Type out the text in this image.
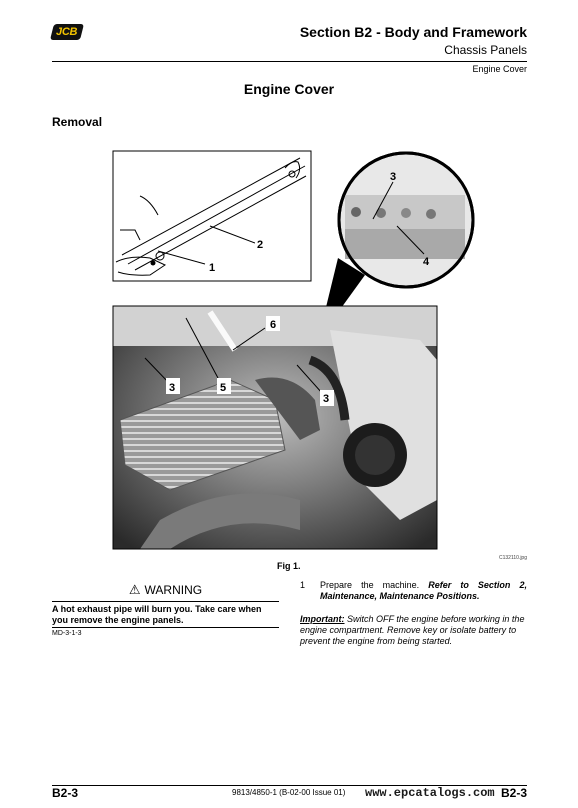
JCB	Section B2 - Body and Framework
Chassis Panels
Engine Cover
Engine Cover
Removal
1
2
3
4
5
6
3
3
C132110.jpg
Fig 1.
⚠ WARNING
A hot exhaust pipe will burn you. Take care when you remove the engine panels.
MD-3-1-3
1 Prepare the machine. Refer to Section 2, Maintenance, Maintenance Positions.
Important: Switch OFF the engine before working in the engine compartment. Remove key or isolate battery to prevent the engine from being started.
B2-3	9813/4850-1 (B-02-00 Issue 01)	B2-3
www.epcatalogs.com
